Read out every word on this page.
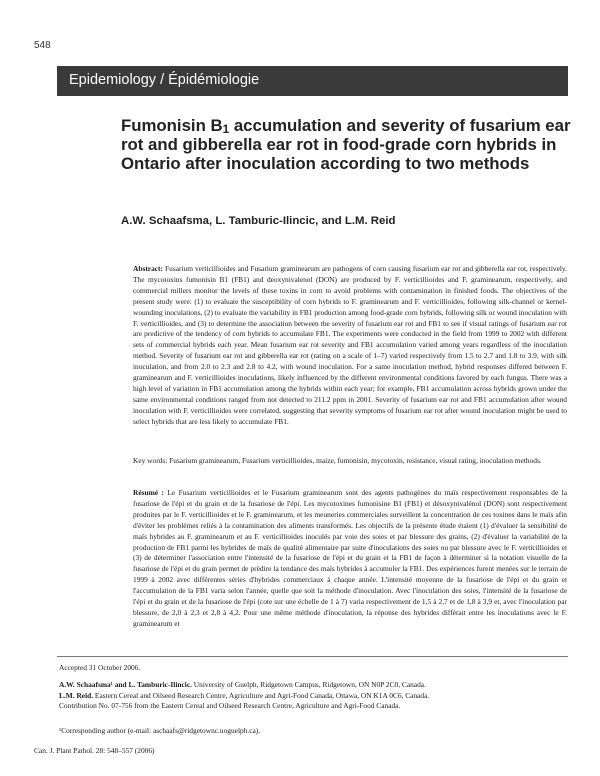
548
Epidemiology / Épidémiologie
Fumonisin $B_1$ accumulation and severity of fusarium ear rot and gibberella ear rot in food-grade corn hybrids in Ontario after inoculation according to two methods
A.W. Schaafsma, L. Tamburic-Ilincic, and L.M. Reid

Abstract: Fusarium verticillioides and Fusarium graminearum are pathogens of corn causing fusarium ear rot and gibberella ear rot, respectively. The mycotoxins fumonisin B1 (FB1) and deoxynivalenol (DON) are produced by F. verticillioides and F. graminearum, respectively, and commercial millers monitor the levels of these toxins in corn to avoid problems with contamination in finished foods. The objectives of the present study were: (1) to evaluate the susceptibility of corn hybrids to F. graminearum and F. verticillioides, following silk-channel or kernel-wounding inoculations, (2) to evaluate the variability in FB1 production among food-grade corn hybrids, following silk or wound inoculation with F. verticillioides, and (3) to determine the association between the severity of fusarium ear rot and FB1 to see if visual ratings of fusarium ear rot are predictive of the tendency of corn hybrids to accumulate FB1. The experiments were conducted in the field from 1999 to 2002 with different sets of commercial hybrids each year. Mean fusarium ear rot severity and FB1 accumulation varied among years regardless of the inoculation method. Severity of fusarium ear rot and gibberella ear rot (rating on a scale of 1–7) varied respectively from 1.5 to 2.7 and 1.8 to 3.9, with silk inoculation, and from 2.0 to 2.3 and 2.8 to 4.2, with wound inoculation. For a same inoculation method, hybrid responses differed between F. graminearum and F. verticillioides inoculations, likely influenced by the different environmental conditions favored by each fungus. There was a high level of variation in FB1 accumulation among the hybrids within each year; for example, FB1 accumulation across hybrids grown under the same environmental conditions ranged from not detected to 211.2 ppm in 2001. Severity of fusarium ear rot and FB1 accumulation after wound inoculation with F. verticillioides were correlated, suggesting that severity symptoms of fusarium ear rot after wound inoculation might be used to select hybrids that are less likely to accumulate FB1.

Key words: Fusarium graminearum, Fusarium verticillioides, maize, fumonisin, mycotoxin, resistance, visual rating, inoculation methods.

Résumé : Le Fusarium verticillioides et le Fusarium graminearum sont des agents pathogènes du maïs respectivement responsables de la fusariose de l'épi et du grain et de la fusariose de l'épi. Les mycotoxines fumonisine B1 (FB1) et désoxynivalénol (DON) sont respectivement produites par le F. verticillioides et le F. graminearum, et les meuneries commerciales surveillent la concentration de ces toxines dans le maïs afin d'éviter les problèmes reliés à la contamination des aliments transformés. Les objectifs de la présente étude étaient (1) d'évaluer la sensibilité de maïs hybrides au F. graminearum et au F. verticillioides inoculés par voie des soies et par blessure des grains, (2) d'évaluer la variabilité de la production de FB1 parmi les hybrides de maïs de qualité alimentaire par suite d'inoculations des soies ou par blessure avec le F. verticillioides et (3) de déterminer l'association entre l'intensité de la fusariose de l'épi et du grain et la FB1 de façon à déterminer si la notation visuelle de la fusariose de l'épi et du grain permet de prédire la tendance des maïs hybrides à accumuler la FB1. Des expériences furent menées sur le terrain de 1999 à 2002 avec différentes séries d'hybrides commerciaux à chaque année. L'intensité moyenne de la fusariose de l'épi et du grain et l'accumulation de la FB1 varia selon l'année, quelle que soit la méthode d'inoculation. Avec l'inoculation des soies, l'intensité de la fusariose de l'épi et du grain et de la fusariose de l'épi (cote sur une échelle de 1 à 7) varia respectivement de 1,5 à 2,7 et de 1,8 à 3,9 et, avec l'inoculation par blessure, de 2,0 à 2,3 et 2,8 à 4,2. Pour une même méthode d'inoculation, la réponse des hybrides différait entre les inoculations avec le F. graminearum et

Accepted 31 October 2006.

A.W. Schaafsma¹ and L. Tamburic-Ilincic. University of Guelph, Ridgetown Campus, Ridgetown, ON N0P 2C0, Canada.
L.M. Reid. Eastern Cereal and Oilseed Research Centre, Agriculture and Agri-Food Canada, Ottawa, ON K1A 0C6, Canada.
Contribution No. 07-756 from the Eastern Cereal and Oilseed Research Centre, Agriculture and Agri-Food Canada.

¹Corresponding author (e-mail: aschaafs@ridgetownc.uoguelph.ca).
Can. J. Plant Pathol. 28: 548–557 (2006)
